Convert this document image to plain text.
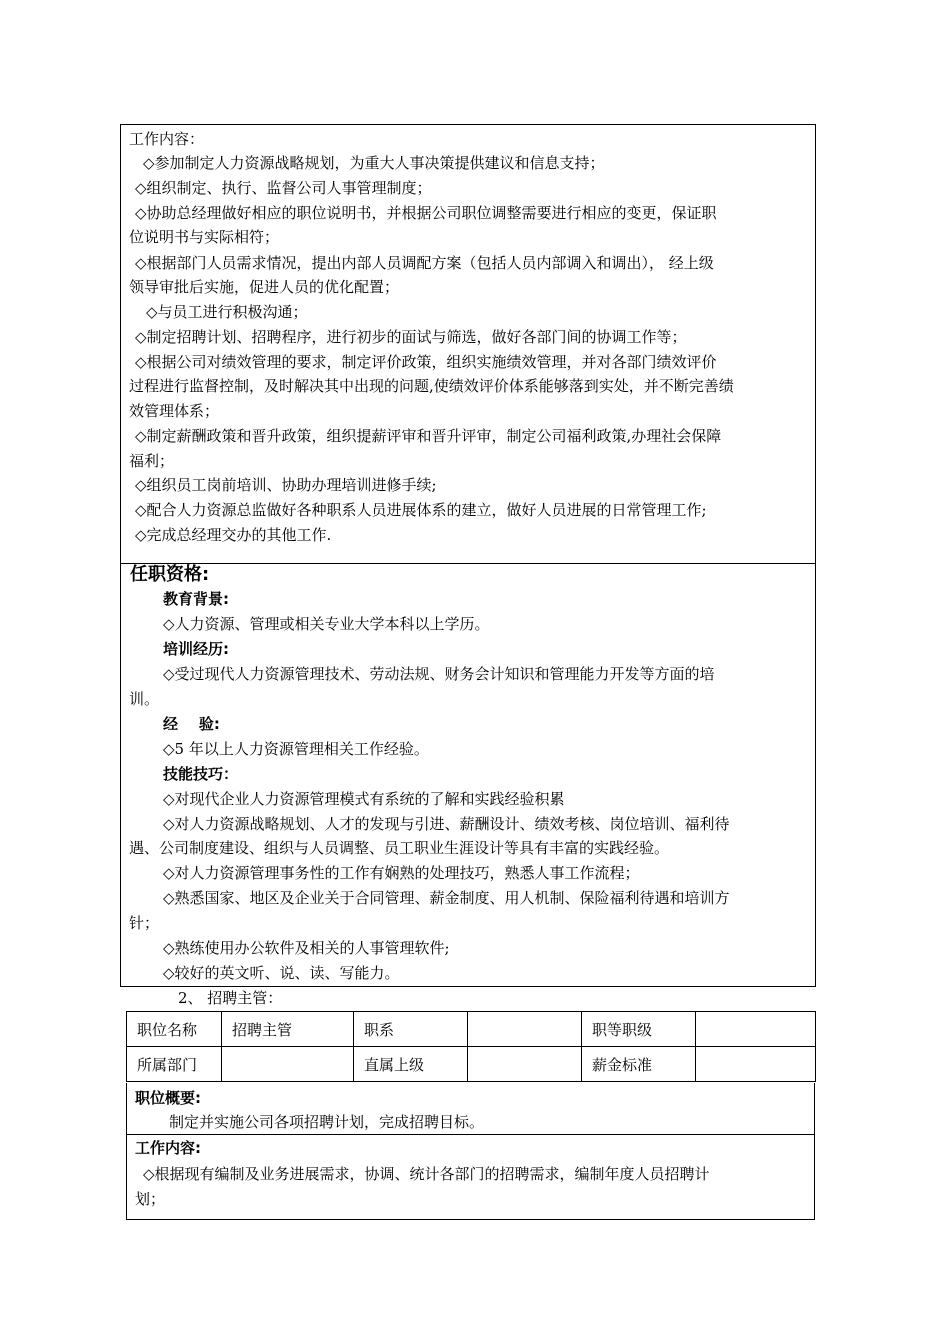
工作内容：
◇参加制定人力资源战略规划，为重大人事决策提供建议和信息支持；
◇组织制定、执行、监督公司人事管理制度；
◇协助总经理做好相应的职位说明书，并根据公司职位调整需要进行相应的变更，保证职
位说明书与实际相符；
◇根据部门人员需求情况，提出内部人员调配方案（包括人员内部调入和调出）， 经上级
领导审批后实施，促进人员的优化配置；
◇与员工进行积极沟通；
◇制定招聘计划、招聘程序，进行初步的面试与筛选，做好各部门间的协调工作等；
◇根据公司对绩效管理的要求，制定评价政策，组织实施绩效管理，并对各部门绩效评价
过程进行监督控制，及时解决其中出现的问题,使绩效评价体系能够落到实处，并不断完善绩
效管理体系；
◇制定薪酬政策和晋升政策，组织提薪评审和晋升评审，制定公司福利政策,办理社会保障
福利；
◇组织员工岗前培训、协助办理培训进修手续;
◇配合人力资源总监做好各种职系人员进展体系的建立，做好人员进展的日常管理工作;
◇完成总经理交办的其他工作.
任职资格:
教育背景:
◇人力资源、管理或相关专业大学本科以上学历。
培训经历:
◇受过现代人力资源管理技术、劳动法规、财务会计知识和管理能力开发等方面的培
训。
经    验:
◇5 年以上人力资源管理相关工作经验。
技能技巧：
◇对现代企业人力资源管理模式有系统的了解和实践经验积累
◇对人力资源战略规划、人才的发现与引进、薪酬设计、绩效考核、岗位培训、福利待
遇、公司制度建设、组织与人员调整、员工职业生涯设计等具有丰富的实践经验。
◇对人力资源管理事务性的工作有娴熟的处理技巧，熟悉人事工作流程；
◇熟悉国家、地区及企业关于合同管理、薪金制度、用人机制、保险福利待遇和培训方
针；
◇熟练使用办公软件及相关的人事管理软件;
◇较好的英文听、说、读、写能力。
2、 招聘主管：
职位名称	招聘主管	职系		职等职级	
所属部门		直属上级		薪金标准	
职位概要:
制定并实施公司各项招聘计划，完成招聘目标。
工作内容:
◇根据现有编制及业务进展需求，协调、统计各部门的招聘需求，编制年度人员招聘计
划；
